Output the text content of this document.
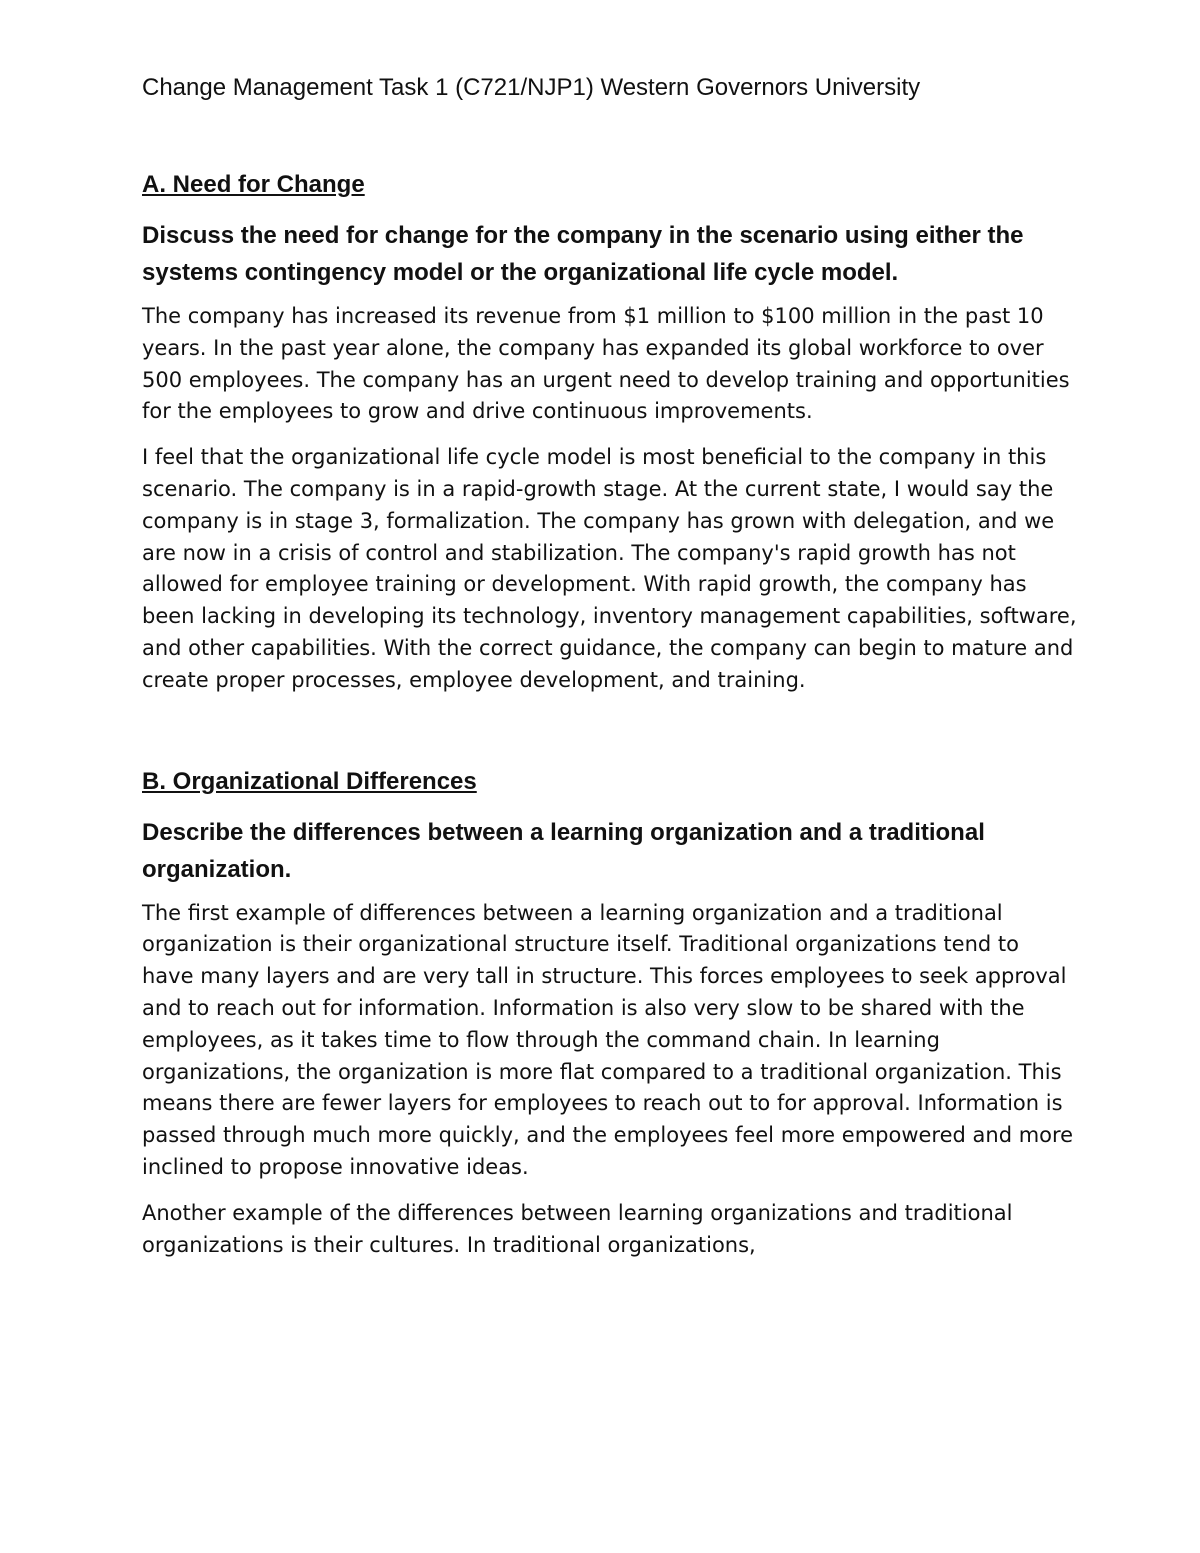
Change Management Task 1 (C721/NJP1) Western Governors University
A. Need for Change
Discuss the need for change for the company in the scenario using either the systems contingency model or the organizational life cycle model.

The company has increased its revenue from $1 million to $100 million in the past 10 years. In the past year alone, the company has expanded its global workforce to over 500 employees. The company has an urgent need to develop training and opportunities for the employees to grow and drive continuous improvements.

I feel that the organizational life cycle model is most beneficial to the company in this scenario. The company is in a rapid-growth stage. At the current state, I would say the company is in stage 3, formalization. The company has grown with delegation, and we are now in a crisis of control and stabilization. The company's rapid growth has not allowed for employee training or development. With rapid growth, the company has been lacking in developing its technology, inventory management capabilities, software, and other capabilities. With the correct guidance, the company can begin to mature and create proper processes, employee development, and training.

B. Organizational Differences
Describe the differences between a learning organization and a traditional organization.

The first example of differences between a learning organization and a traditional organization is their organizational structure itself. Traditional organizations tend to have many layers and are very tall in structure. This forces employees to seek approval and to reach out for information. Information is also very slow to be shared with the employees, as it takes time to flow through the command chain. In learning organizations, the organization is more flat compared to a traditional organization. This means there are fewer layers for employees to reach out to for approval. Information is passed through much more quickly, and the employees feel more empowered and more inclined to propose innovative ideas.

Another example of the differences between learning organizations and traditional organizations is their cultures. In traditional organizations,
